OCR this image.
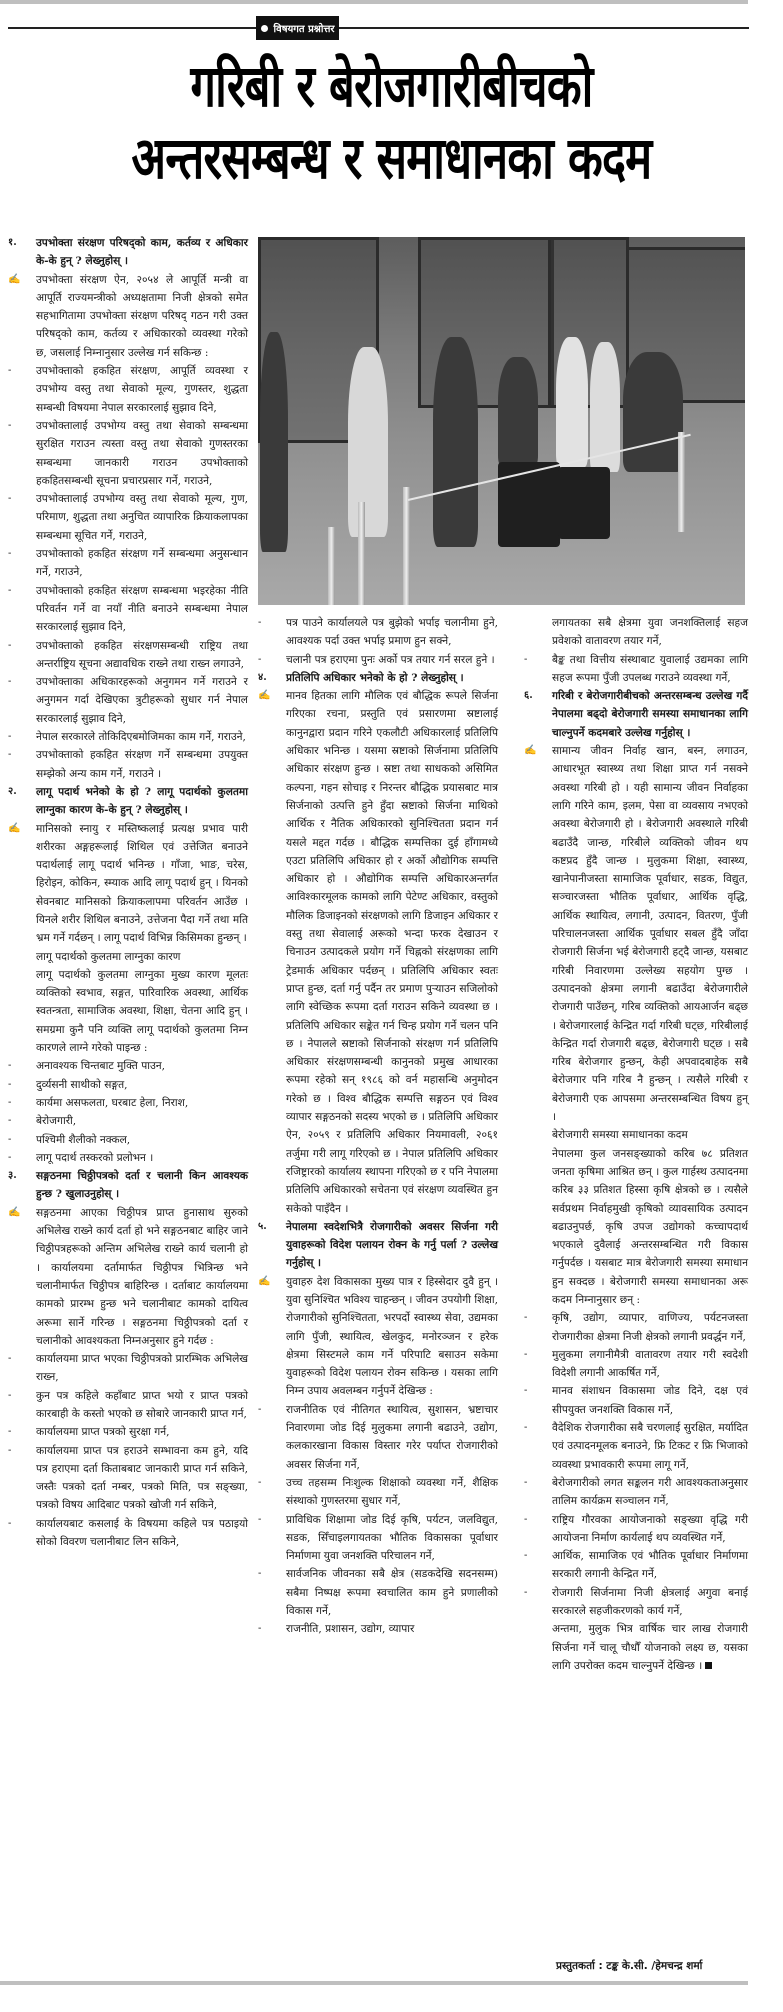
विषयगत प्रश्नोत्तर
गरिबी र बेरोजगारीबीचको
अन्तरसम्बन्ध र समाधानका कदम
१.	उपभोक्ता संरक्षण परिषद्को काम, कर्तव्य र अधिकार के-के हुन् ? लेख्नुहोस् ।
✍	उपभोक्ता संरक्षण ऐन, २०५४ ले आपूर्ति मन्त्री वा आपूर्ति राज्यमन्त्रीको अध्यक्षतामा निजी क्षेत्रको समेत सहभागितामा उपभोक्ता संरक्षण परिषद् गठन गरी उक्त परिषद्को काम, कर्तव्य र अधिकारको व्यवस्था गरेको छ, जसलाई निम्नानुसार उल्लेख गर्न सकिन्छ :
-	उपभोक्ताको हकहित संरक्षण, आपूर्ति व्यवस्था र उपभोग्य वस्तु तथा सेवाको मूल्य, गुणस्तर, शुद्धता सम्बन्धी विषयमा नेपाल सरकारलाई सुझाव दिने,
-	उपभोक्तालाई उपभोग्य वस्तु तथा सेवाको सम्बन्धमा सुरक्षित गराउन त्यस्ता वस्तु तथा सेवाको गुणस्तरका सम्बन्धमा जानकारी गराउन उपभोक्ताको हकहितसम्बन्धी सूचना प्रचारप्रसार गर्ने, गराउने,
-	उपभोक्तालाई उपभोग्य वस्तु तथा सेवाको मूल्य, गुण, परिमाण, शुद्धता तथा अनुचित व्यापारिक क्रियाकलापका सम्बन्धमा सूचित गर्ने, गराउने,
-	उपभोक्ताको हकहित संरक्षण गर्ने सम्बन्धमा अनुसन्धान गर्ने, गराउने,
-	उपभोक्ताको हकहित संरक्षण सम्बन्धमा भइरहेका नीति परिवर्तन गर्ने वा नयाँ नीति बनाउने सम्बन्धमा नेपाल सरकारलाई सुझाव दिने,
-	उपभोक्ताको हकहित संरक्षणसम्बन्धी राष्ट्रिय तथा अन्तर्राष्ट्रिय सूचना अद्यावधिक राख्ने तथा राख्न लगाउने,
-	उपभोक्ताका अधिकारहरूको अनुगमन गर्ने गराउने र अनुगमन गर्दा देखिएका त्रुटीहरूको सुधार गर्न नेपाल सरकारलाई सुझाव दिने,
-	नेपाल सरकारले तोकिदिएबमोजिमका काम गर्ने, गराउने,
-	उपभोक्ताको हकहित संरक्षण गर्ने सम्बन्धमा उपयुक्त सम्झेको अन्य काम गर्ने, गराउने ।
२.	लागू पदार्थ भनेको के हो ? लागू पदार्थको कुलतमा लाग्नुका कारण के-के हुन् ? लेख्नुहोस् ।
✍	मानिसको स्नायु र मस्तिष्कलाई प्रत्यक्ष प्रभाव पारी शरीरका अङ्गहरूलाई शिथिल एवं उत्तेजित बनाउने पदार्थलाई लागू पदार्थ भनिन्छ । गाँजा, भाङ, चरेस, हिरोइन, कोकिन, स्म्याक आदि लागू पदार्थ हुन् । यिनको सेवनबाट मानिसको क्रियाकलापमा परिवर्तन आउँछ । यिनले शरीर शिथिल बनाउने, उत्तेजना पैदा गर्ने तथा मति भ्रम गर्ने गर्दछन् । लागू पदार्थ विभिन्न किसिमका हुन्छन् ।
लागू पदार्थको कुलतमा लाग्नुका कारण
लागू पदार्थको कुलतमा लाग्नुका मुख्य कारण मूलतः व्यक्तिको स्वभाव, सङ्गत, पारिवारिक अवस्था, आर्थिक स्वतन्त्रता, सामाजिक अवस्था, शिक्षा, चेतना आदि हुन् । समग्रमा कुनै पनि व्यक्ति लागू पदार्थको कुलतमा निम्न कारणले लाग्ने गरेको पाइन्छ :
-	अनावश्यक चिन्तबाट मुक्ति पाउन,
-	दुर्व्यसनी साथीको सङ्गत,
-	कार्यमा असफलता, घरबाट हेला, निराश,
-	बेरोजगारी,
-	पश्चिमी शैलीको नक्कल,
-	लागू पदार्थ तस्करको प्रलोभन ।
३.	सङ्गठनमा चिठ्ठीपत्रको दर्ता र चलानी किन आवश्यक हुन्छ ? खुलाउनुहोस् ।
✍	सङ्गठनमा आएका चिठ्ठीपत्र प्राप्त हुनासाथ सुरुको अभिलेख राख्ने कार्य दर्ता हो भने सङ्गठनबाट बाहिर जाने चिठ्ठीपत्रहरूको अन्तिम अभिलेख राख्ने कार्य चलानी हो । कार्यालयमा दर्तामार्फत चिठ्ठीपत्र भित्रिन्छ भने चलानीमार्फत चिठ्ठीपत्र बाहिरिन्छ । दर्ताबाट कार्यालयमा कामको प्रारम्भ हुन्छ भने चलानीबाट कामको दायित्व अरूमा सार्ने गरिन्छ । सङ्गठनमा चिठ्ठीपत्रको दर्ता र चलानीको आवश्यकता निम्नअनुसार हुने गर्दछ :
-	कार्यालयमा प्राप्त भएका चिठ्ठीपत्रको प्रारम्भिक अभिलेख राख्न,
-	कुन पत्र कहिले कहाँबाट प्राप्त भयो र प्राप्त पत्रको कारबाही के कस्तो भएको छ सोबारे जानकारी प्राप्त गर्न,
-	कार्यालयमा प्राप्त पत्रको सुरक्षा गर्न,
-	कार्यालयमा प्राप्त पत्र हराउने सम्भावना कम हुने, यदि पत्र हराएमा दर्ता किताबबाट जानकारी प्राप्त गर्न सकिने, जस्तैः पत्रको दर्ता नम्बर, पत्रको मिति, पत्र सङ्ख्या, पत्रको विषय आदिबाट पत्रको खोजी गर्न सकिने,
-	कार्यालयबाट कसलाई के विषयमा कहिले पत्र पठाइयो सोको विवरण चलानीबाट लिन सकिने,
-	पत्र पाउने कार्यालयले पत्र बुझेको भर्पाइ चलानीमा हुने, आवश्यक पर्दा उक्त भर्पाइ प्रमाण हुन सक्ने,
-	चलानी पत्र हराएमा पुनः अर्को पत्र तयार गर्न सरल हुने ।
४.	प्रतिलिपि अधिकार भनेको के हो ? लेख्नुहोस् ।
✍	मानव हितका लागि मौलिक एवं बौद्धिक रूपले सिर्जना गरिएका रचना, प्रस्तुति एवं प्रसारणमा स्रष्टालाई कानुनद्वारा प्रदान गरिने एकलौटी अधिकारलाई प्रतिलिपि अधिकार भनिन्छ । यसमा स्रष्टाको सिर्जनामा प्रतिलिपि अधिकार संरक्षण हुन्छ । स्रष्टा तथा साधकको असिमित कल्पना, गहन सोचाइ र निरन्तर बौद्धिक प्रयासबाट मात्र सिर्जनाको उत्पत्ति हुने हुँदा स्रष्टाको सिर्जना माथिको आर्थिक र नैतिक अधिकारको सुनिश्चितता प्रदान गर्न यसले मद्दत गर्दछ । बौद्धिक सम्पत्तिका दुई हाँगामध्ये एउटा प्रतिलिपि अधिकार हो र अर्को औद्योगिक सम्पत्ति अधिकार हो । औद्योगिक सम्पत्ति अधिकारअन्तर्गत आविश्कारमूलक कामको लागि पेटेण्ट अधिकार, वस्तुको मौलिक डिजाइनको संरक्षणको लागि डिजाइन अधिकार र वस्तु तथा सेवालाई अरूको भन्दा फरक देखाउन र चिनाउन उत्पादकले प्रयोग गर्ने चिह्नको संरक्षणका लागि ट्रेडमार्क अधिकार पर्दछन् । प्रतिलिपि अधिकार स्वतः प्राप्त हुन्छ, दर्ता गर्नु पर्दैन तर प्रमाण पुऱ्याउन सजिलोको लागि स्वेच्छिक रूपमा दर्ता गराउन सकिने व्यवस्था छ । प्रतिलिपि अधिकार सङ्केत गर्न चिन्ह प्रयोग गर्ने चलन पनि छ । नेपालले स्रष्टाको सिर्जनाको संरक्षण गर्न प्रतिलिपि अधिकार संरक्षणसम्बन्धी कानुनको प्रमुख आधारका रूपमा रहेको सन् १९८६ को वर्न महासन्धि अनुमोदन गरेको छ । विश्व बौद्धिक सम्पत्ति सङ्गठन एवं विश्व व्यापार सङ्गठनको सदस्य भएको छ । प्रतिलिपि अधिकार ऐन, २०५९ र प्रतिलिपि अधिकार नियमावली, २०६१ तर्जुमा गरी लागू गरिएको छ । नेपाल प्रतिलिपि अधिकार रजिष्ट्रारको कार्यालय स्थापना गरिएको छ र पनि नेपालमा प्रतिलिपि अधिकारको सचेतना एवं संरक्षण व्यवस्थित हुन सकेको पाइँदैन ।
५.	नेपालमा स्वदेशभित्रै रोजगारीको अवसर सिर्जना गरी युवाहरूको विदेश पलायन रोक्न के गर्नु पर्ला ? उल्लेख गर्नुहोस् ।
✍	युवाहरु देश विकासका मुख्य पात्र र हिस्सेदार दुवै हुन् । युवा सुनिश्चित भविश्य चाहन्छन् । जीवन उपयोगी शिक्षा, रोजगारीको सुनिश्चितता, भरपर्दो स्वास्थ्य सेवा, उद्यमका लागि पुँजी, स्थायित्व, खेलकुद, मनोरञ्जन र हरेक क्षेत्रमा सिस्टमले काम गर्ने परिपाटि बसाउन सकेमा युवाहरूको विदेश पलायन रोक्न सकिन्छ । यसका लागि निम्न उपाय अवलम्बन गर्नुपर्ने देखिन्छ :
-	राजनीतिक एवं नीतिगत स्थायित्व, सुशासन, भ्रष्टाचार निवारणमा जोड दिई मुलुकमा लगानी बढाउने, उद्योग, कलकारखाना विकास विस्तार गरेर पर्याप्त रोजगारीको अवसर सिर्जना गर्ने,
-	उच्च तहसम्म निःशुल्क शिक्षाको व्यवस्था गर्ने, शैक्षिक संस्थाको गुणस्तरमा सुधार गर्ने,
-	प्राविधिक शिक्षामा जोड दिई कृषि, पर्यटन, जलविद्युत, सडक, सिँचाइलगायतका भौतिक विकासका पूर्वाधार निर्माणमा युवा जनशक्ति परिचालन गर्ने,
-	सार्वजनिक जीवनका सबै क्षेत्र (सडकदेखि सदनसम्म) सबैमा निष्पक्ष रूपमा स्वचालित काम हुने प्रणालीको विकास गर्ने,
-	राजनीति, प्रशासन, उद्योग, व्यापार
लगायतका सबै क्षेत्रमा युवा जनशक्तिलाई सहज प्रवेशको वातावरण तयार गर्ने,
-	बैङ्क तथा वित्तीय संस्थाबाट युवालाई उद्यमका लागि सहज रूपमा पुँजी उपलब्ध गराउने व्यवस्था गर्ने,
६.	गरिबी र बेरोजगारीबीचको अन्तरसम्बन्ध उल्लेख गर्दै नेपालमा बढ्दो बेरोजगारी समस्या समाधानका लागि चाल्नुपर्ने कदमबारे उल्लेख गर्नुहोस् ।
✍	सामान्य जीवन निर्वाह खान, बस्न, लगाउन, आधारभूत स्वास्थ्य तथा शिक्षा प्राप्त गर्न नसक्ने अवस्था गरिबी हो । यही सामान्य जीवन निर्वाहका लागि गरिने काम, इलम, पेसा वा व्यवसाय नभएको अवस्था बेरोजगारी हो । बेरोजगारी अवस्थाले गरिबी बढाउँदै जान्छ, गरिबीले व्यक्तिको जीवन थप कष्टप्रद हुँदै जान्छ । मुलुकमा शिक्षा, स्वास्थ्य, खानेपानीजस्ता सामाजिक पूर्वाधार, सडक, विद्युत, सञ्चारजस्ता भौतिक पूर्वाधार, आर्थिक वृद्धि, आर्थिक स्थायित्व, लगानी, उत्पादन, वितरण, पुँजी परिचालनजस्ता आर्थिक पूर्वाधार सबल हुँदै जाँदा रोजगारी सिर्जना भई बेरोजगारी हट्दै जान्छ, यसबाट गरिबी निवारणमा उल्लेख्य सहयोग पुग्छ । उत्पादनको क्षेत्रमा लगानी बढाउँदा बेरोजगारीले रोजगारी पाउँछन्, गरिब व्यक्तिको आयआर्जन बढ्छ । बेरोजगारलाई केन्द्रित गर्दा गरिबी घट्छ, गरिबीलाई केन्द्रित गर्दा रोजगारी बढ्छ, बेरोजगारी घट्छ । सबै गरिब बेरोजगार हुन्छन्, केही अपवादबाहेक सबै बेरोजगार पनि गरिब नै हुन्छन् । त्यसैले गरिबी र बेरोजगारी एक आपसमा अन्तरसम्बन्धित विषय हुन् ।
बेरोजगारी समस्या समाधानका कदम
नेपालमा कुल जनसङ्ख्याको करिब ७८ प्रतिशत जनता कृषिमा आश्रित छन् । कुल गार्हस्थ उत्पादनमा करिब ३३ प्रतिशत हिस्सा कृषि क्षेत्रको छ । त्यसैले सर्वप्रथम निर्वाहमुखी कृषिको व्यावसायिक उत्पादन बढाउनुपर्छ, कृषि उपज उद्योगको कच्चापदार्थ भएकाले दुवैलाई अन्तरसम्बन्धित गरी विकास गर्नुपर्दछ । यसबाट मात्र बेरोजगारी समस्या समाधान हुन सक्दछ । बेरोजगारी समस्या समाधानका अरू कदम निम्नानुसार छन् :
-	कृषि, उद्योग, व्यापार, वाणिज्य, पर्यटनजस्ता रोजगारीका क्षेत्रमा निजी क्षेत्रको लगानी प्रवर्द्धन गर्ने,
-	मुलुकमा लगानीमैत्री वातावरण तयार गरी स्वदेशी विदेशी लगानी आकर्षित गर्ने,
-	मानव संशाधन विकासमा जोड दिने, दक्ष एवं सीपयुक्त जनशक्ति विकास गर्ने,
-	वैदेशिक रोजगारीका सबै चरणलाई सुरक्षित, मर्यादित एवं उत्पादनमूलक बनाउने, फ्रि टिकट र फ्रि भिजाको व्यवस्था प्रभावकारी रूपमा लागू गर्ने,
-	बेरोजगारीको लगत सङ्कलन गरी आवश्यकताअनुसार तालिम कार्यक्रम सञ्चालन गर्ने,
-	राष्ट्रिय गौरवका आयोजनाको सङ्ख्या वृद्धि गरी आयोजना निर्माण कार्यलाई थप व्यवस्थित गर्ने,
-	आर्थिक, सामाजिक एवं भौतिक पूर्वाधार निर्माणमा सरकारी लगानी केन्द्रित गर्ने,
-	रोजगारी सिर्जनामा निजी क्षेत्रलाई अगुवा बनाई सरकारले सहजीकरणको कार्य गर्ने,
अन्तमा, मुलुक भित्र वार्षिक चार लाख रोजगारी सिर्जना गर्ने चालू चौधौँ योजनाको लक्ष्य छ, यसका लागि उपरोक्त कदम चाल्नुपर्ने देखिन्छ ।
प्रस्तुतकर्ता : टङ्क के.सी. /हेमचन्द्र शर्मा
